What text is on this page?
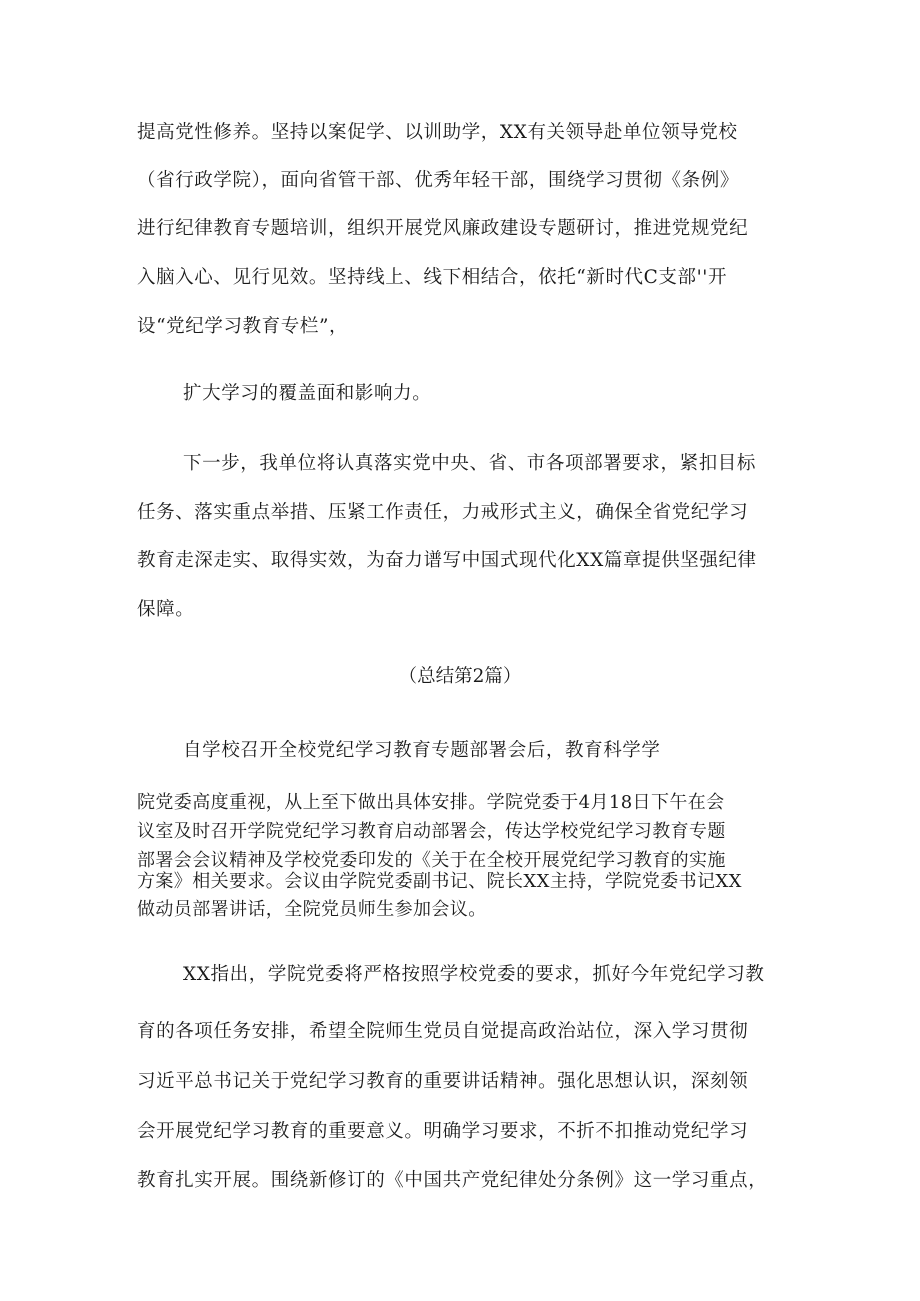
提高党性修养。坚持以案促学、以训助学，XX有关领导赴单位领导党校

（省行政学院），面向省管干部、优秀年轻干部，围绕学习贯彻《条例》

进行纪律教育专题培训，组织开展党风廉政建设专题研讨，推进党规党纪

入脑入心、见行见效。坚持线上、线下相结合，依托“新时代C支部''开

设“党纪学习教育专栏”，

扩大学习的覆盖面和影响力。

下一步，我单位将认真落实党中央、省、市各项部署要求，紧扣目标

任务、落实重点举措、压紧工作责任，力戒形式主义，确保全省党纪学习

教育走深走实、取得实效，为奋力谱写中国式现代化XX篇章提供坚强纪律

保障。

（总结第2篇）

自学校召开全校党纪学习教育专题部署会后，教育科学学

院党委高度重视，从上至下做出具体安排。学院党委于4月18日下午在会

议室及时召开学院党纪学习教育启动部署会，传达学校党纪学习教育专题

部署会会议精神及学校党委印发的《关于在全校开展党纪学习教育的实施

方案》相关要求。会议由学院党委副书记、院长XX主持，学院党委书记XX

做动员部署讲话，全院党员师生参加会议。

XX指出，学院党委将严格按照学校党委的要求，抓好今年党纪学习教

育的各项任务安排，希望全院师生党员自觉提高政治站位，深入学习贯彻

习近平总书记关于党纪学习教育的重要讲话精神。强化思想认识，深刻领

会开展党纪学习教育的重要意义。明确学习要求，不折不扣推动党纪学习

教育扎实开展。围绕新修订的《中国共产党纪律处分条例》这一学习重点，
